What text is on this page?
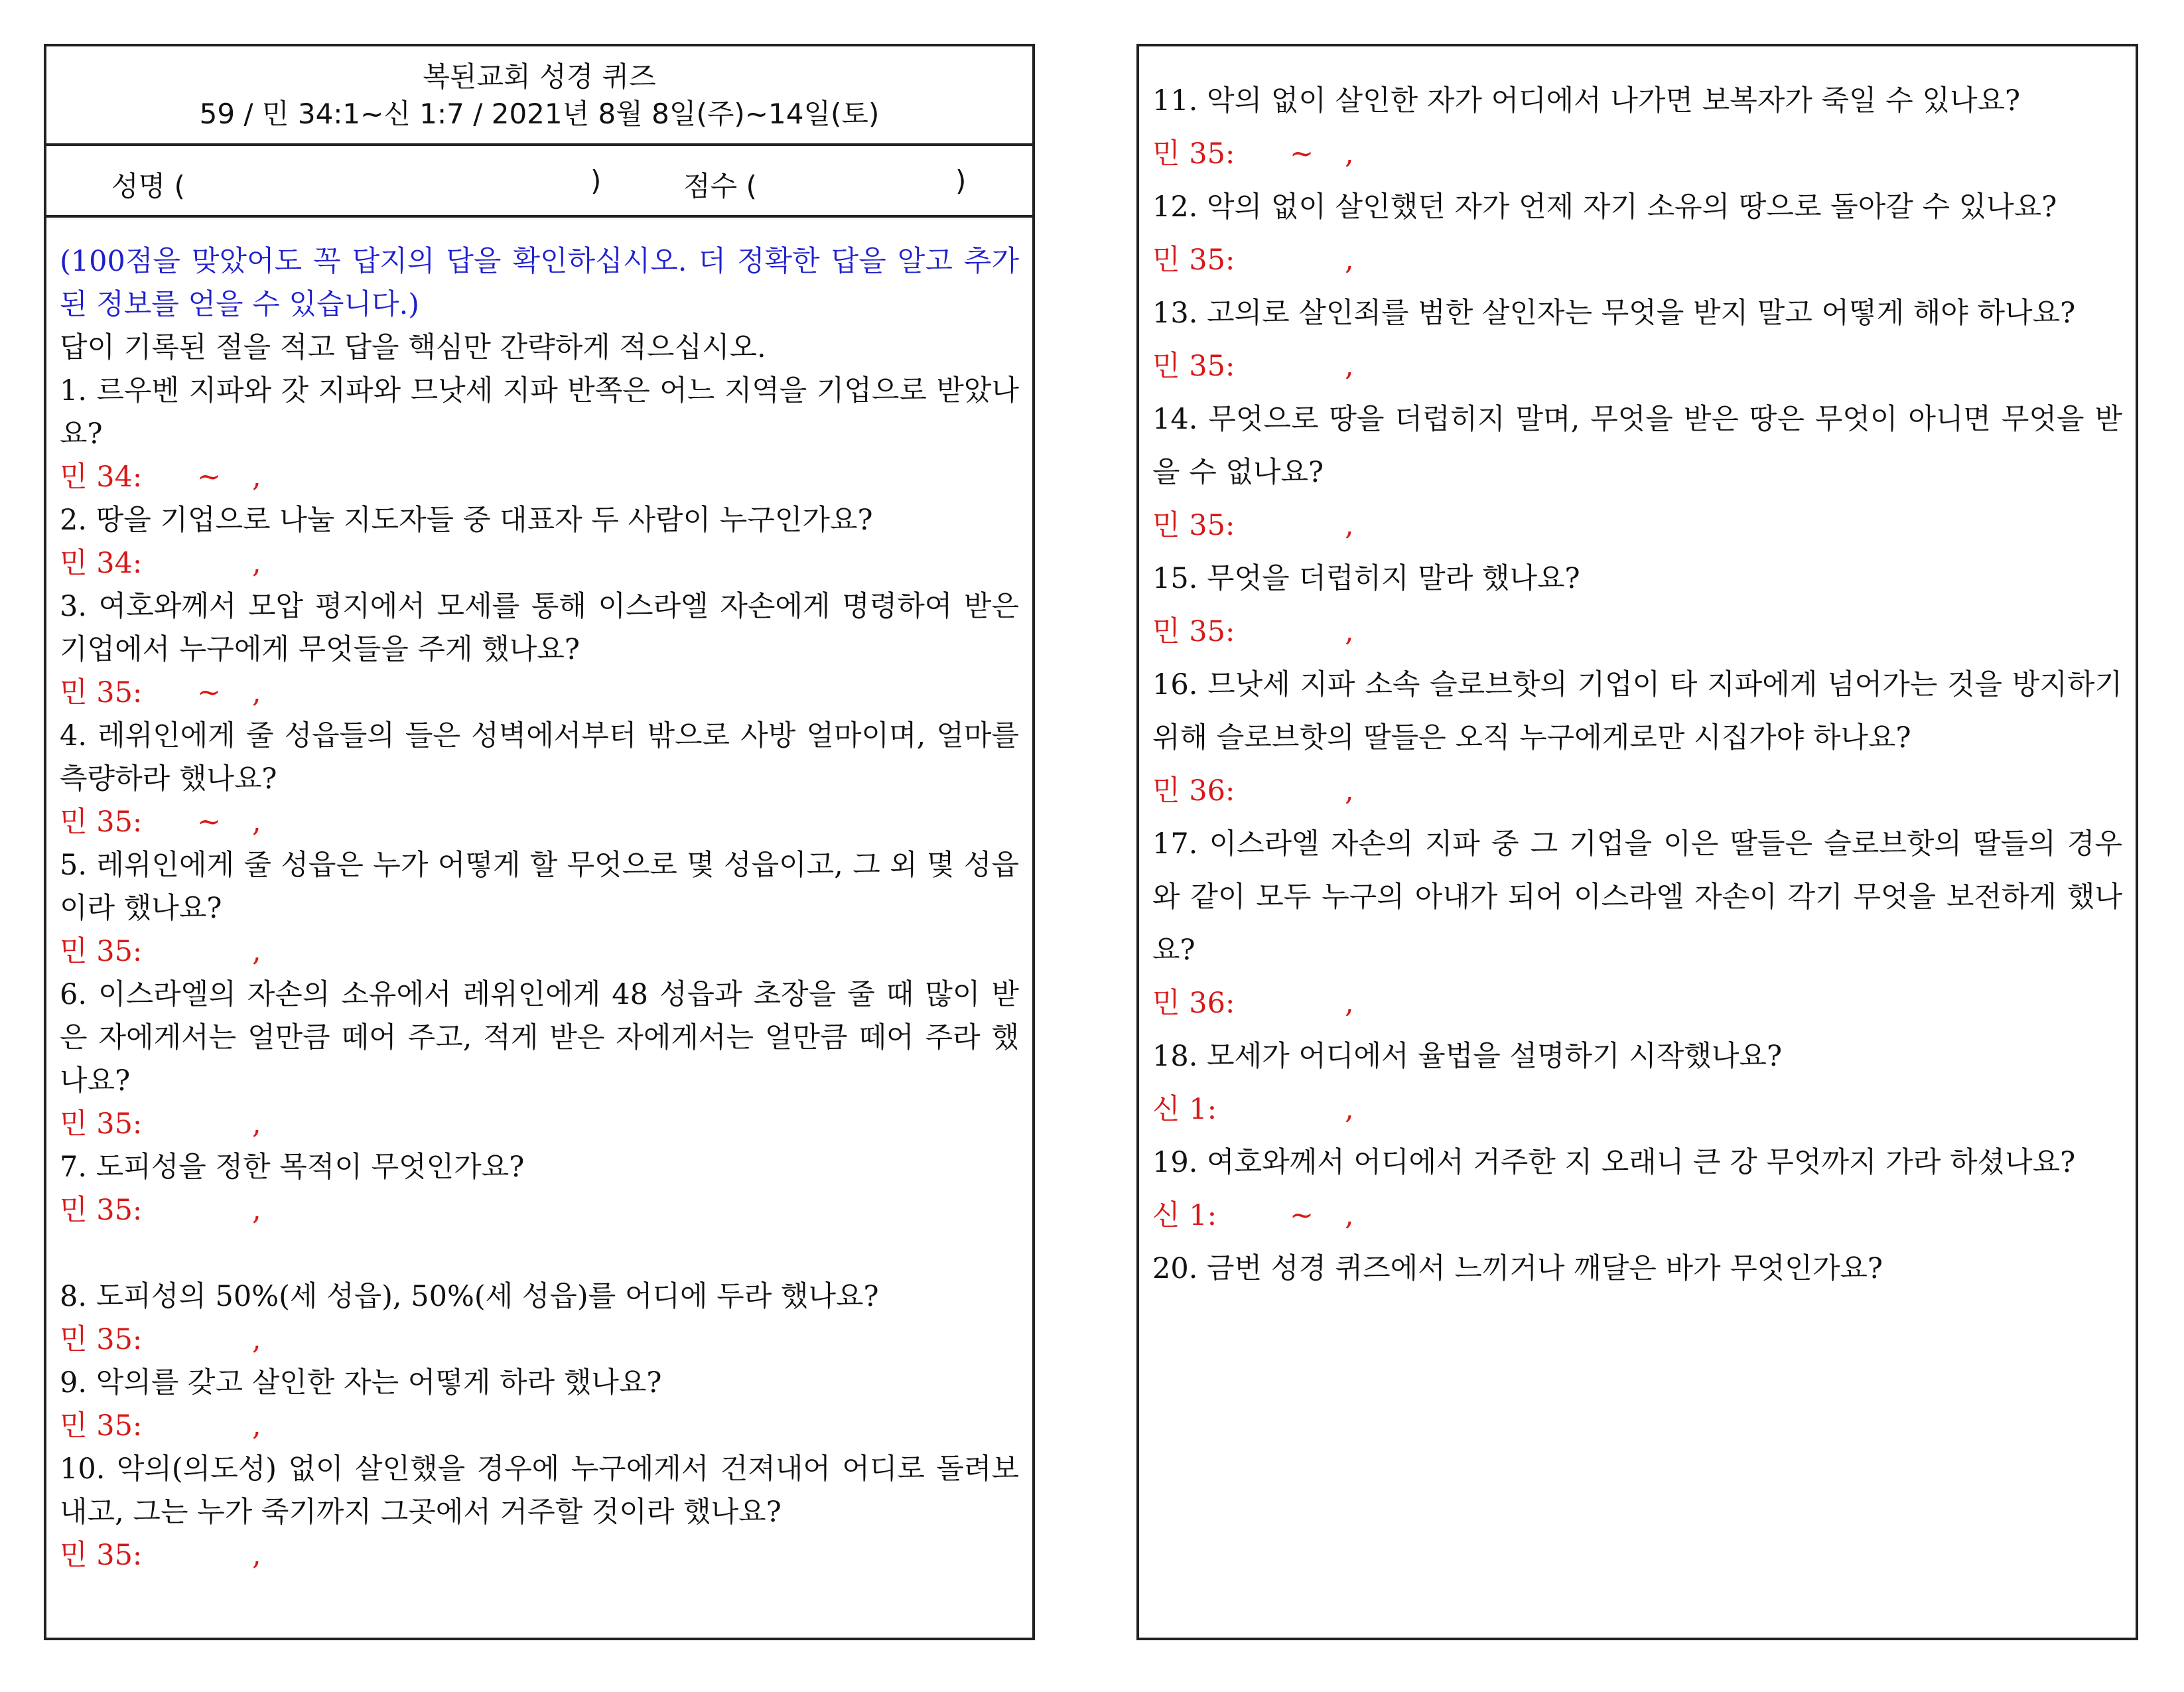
복된교회 성경 퀴즈
59 / 민 34:1~신 1:7 / 2021년 8월 8일(주)~14일(토)
성명 (	)	점수 (	)
(100점을 맞았어도 꼭 답지의 답을 확인하십시오. 더 정확한 답을 알고 추가된 정보를 얻을 수 있습니다.)
답이 기록된 절을 적고 답을 핵심만 간략하게 적으십시오.
1. 르우벤 지파와 갓 지파와 므낫세 지파 반쪽은 어느 지역을 기업으로 받았나요?
민 34:	~	,
2. 땅을 기업으로 나눌 지도자들 중 대표자 두 사람이 누구인가요?
민 34:	,
3. 여호와께서 모압 평지에서 모세를 통해 이스라엘 자손에게 명령하여 받은 기업에서 누구에게 무엇들을 주게 했나요?
민 35:	~	,
4. 레위인에게 줄 성읍들의 들은 성벽에서부터 밖으로 사방 얼마이며, 얼마를 측량하라 했나요?
민 35:	~	,
5. 레위인에게 줄 성읍은 누가 어떻게 할 무엇으로 몇 성읍이고, 그 외 몇 성읍이라 했나요?
민 35:	,
6. 이스라엘의 자손의 소유에서 레위인에게 48 성읍과 초장을 줄 때 많이 받은 자에게서는 얼만큼 떼어 주고, 적게 받은 자에게서는 얼만큼 떼어 주라 했나요?
민 35:	,
7. 도피성을 정한 목적이 무엇인가요?
민 35:	,
8. 도피성의 50%(세 성읍), 50%(세 성읍)를 어디에 두라 했나요?
민 35:	,
9. 악의를 갖고 살인한 자는 어떻게 하라 했나요?
민 35:	,
10. 악의(의도성) 없이 살인했을 경우에 누구에게서 건져내어 어디로 돌려보내고, 그는 누가 죽기까지 그곳에서 거주할 것이라 했나요?
민 35:	,
11. 악의 없이 살인한 자가 어디에서 나가면 보복자가 죽일 수 있나요?
민 35:	~	,
12. 악의 없이 살인했던 자가 언제 자기 소유의 땅으로 돌아갈 수 있나요?
민 35:	,
13. 고의로 살인죄를 범한 살인자는 무엇을 받지 말고 어떻게 해야 하나요?
민 35:	,
14. 무엇으로 땅을 더럽히지 말며, 무엇을 받은 땅은 무엇이 아니면 무엇을 받을 수 없나요?
민 35:	,
15. 무엇을 더럽히지 말라 했나요?
민 35:	,
16. 므낫세 지파 소속 슬로브핫의 기업이 타 지파에게 넘어가는 것을 방지하기 위해 슬로브핫의 딸들은 오직 누구에게로만 시집가야 하나요?
민 36:	,
17. 이스라엘 자손의 지파 중 그 기업을 이은 딸들은 슬로브핫의 딸들의 경우와 같이 모두 누구의 아내가 되어 이스라엘 자손이 각기 무엇을 보전하게 했나요?
민 36:	,
18. 모세가 어디에서 율법을 설명하기 시작했나요?
신 1:	,
19. 여호와께서 어디에서 거주한 지 오래니 큰 강 무엇까지 가라 하셨나요?
신 1:	~	,
20. 금번 성경 퀴즈에서 느끼거나 깨달은 바가 무엇인가요?
